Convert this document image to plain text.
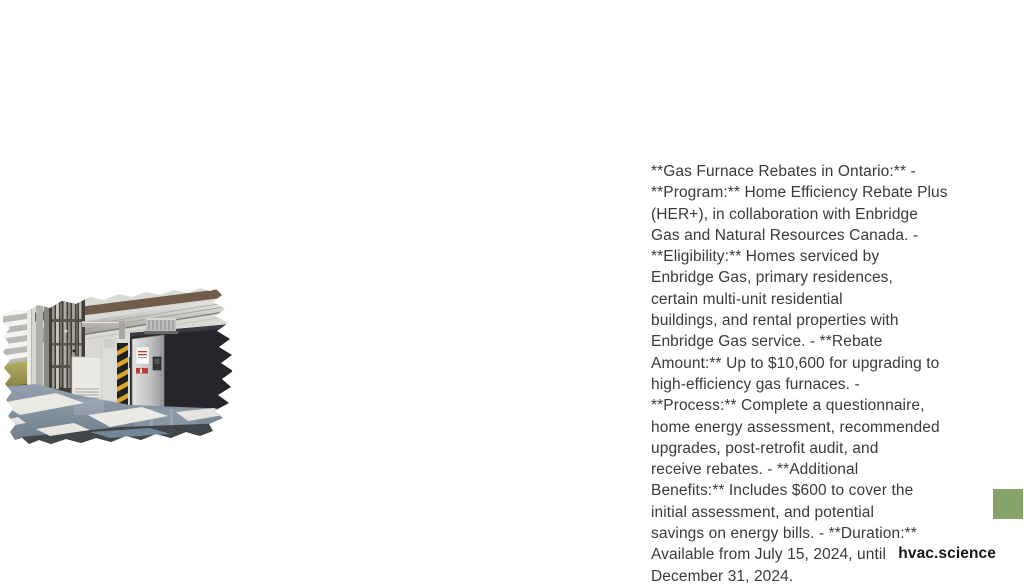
**Gas Furnace Rebates in Ontario:** -
**Program:** Home Efficiency Rebate Plus
(HER+), in collaboration with Enbridge
Gas and Natural Resources Canada. -
**Eligibility:** Homes serviced by
Enbridge Gas, primary residences,
certain multi-unit residential
buildings, and rental properties with
Enbridge Gas service. - **Rebate
Amount:** Up to $10,600 for upgrading to
high-efficiency gas furnaces. -
**Process:** Complete a questionnaire,
home energy assessment, recommended
upgrades, post-retrofit audit, and
receive rebates. - **Additional
Benefits:** Includes $600 to cover the
initial assessment, and potential
savings on energy bills. - **Duration:**
Available from July 15, 2024, until
December 31, 2024.
hvac.science
